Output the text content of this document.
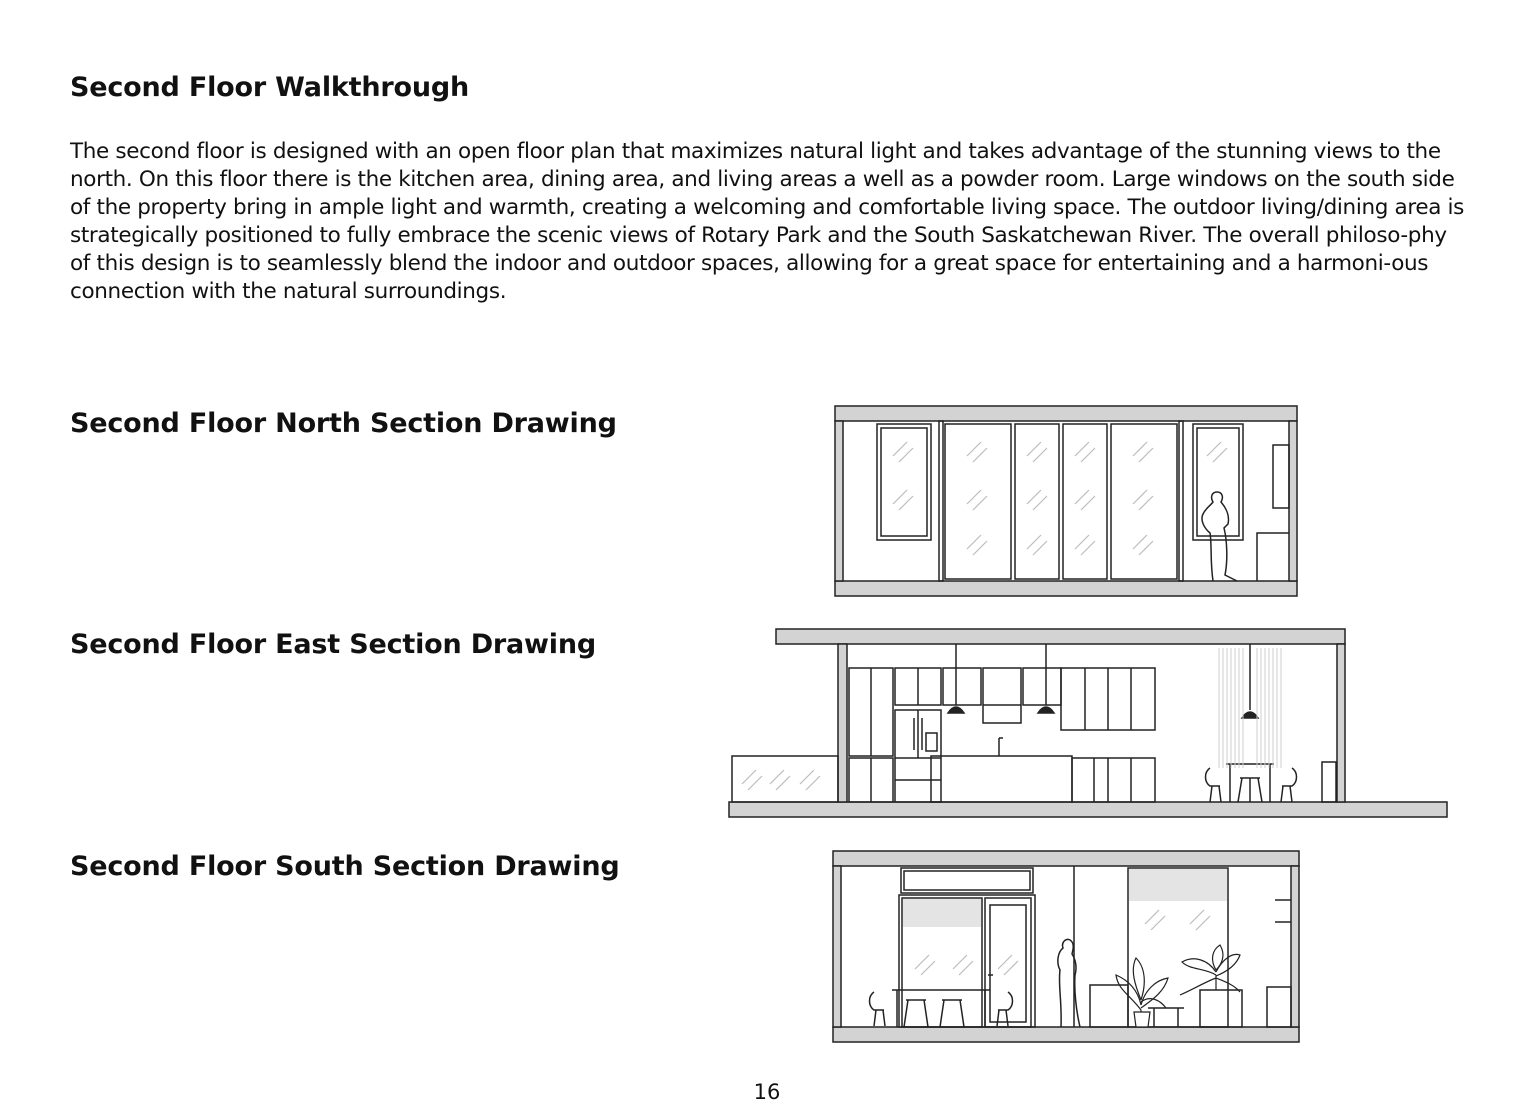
Second Floor Walkthrough

The second floor is designed with an open floor plan that maximizes natural light and takes advantage of the stunning views to the north. On this floor there is the kitchen area, dining area, and living areas a well as a powder room. Large windows on the south side of the property bring in ample light and warmth, creating a welcoming and comfortable living space. The outdoor living/dining area is strategically positioned to fully embrace the scenic views of Rotary Park and the South Saskatchewan River. The overall philoso-phy of this design is to seamlessly blend the indoor and outdoor spaces, allowing for a great space for entertaining and a harmoni-ous connection with the natural surroundings.

Second Floor North Section Drawing
Second Floor East Section Drawing
Second Floor South Section Drawing

16
